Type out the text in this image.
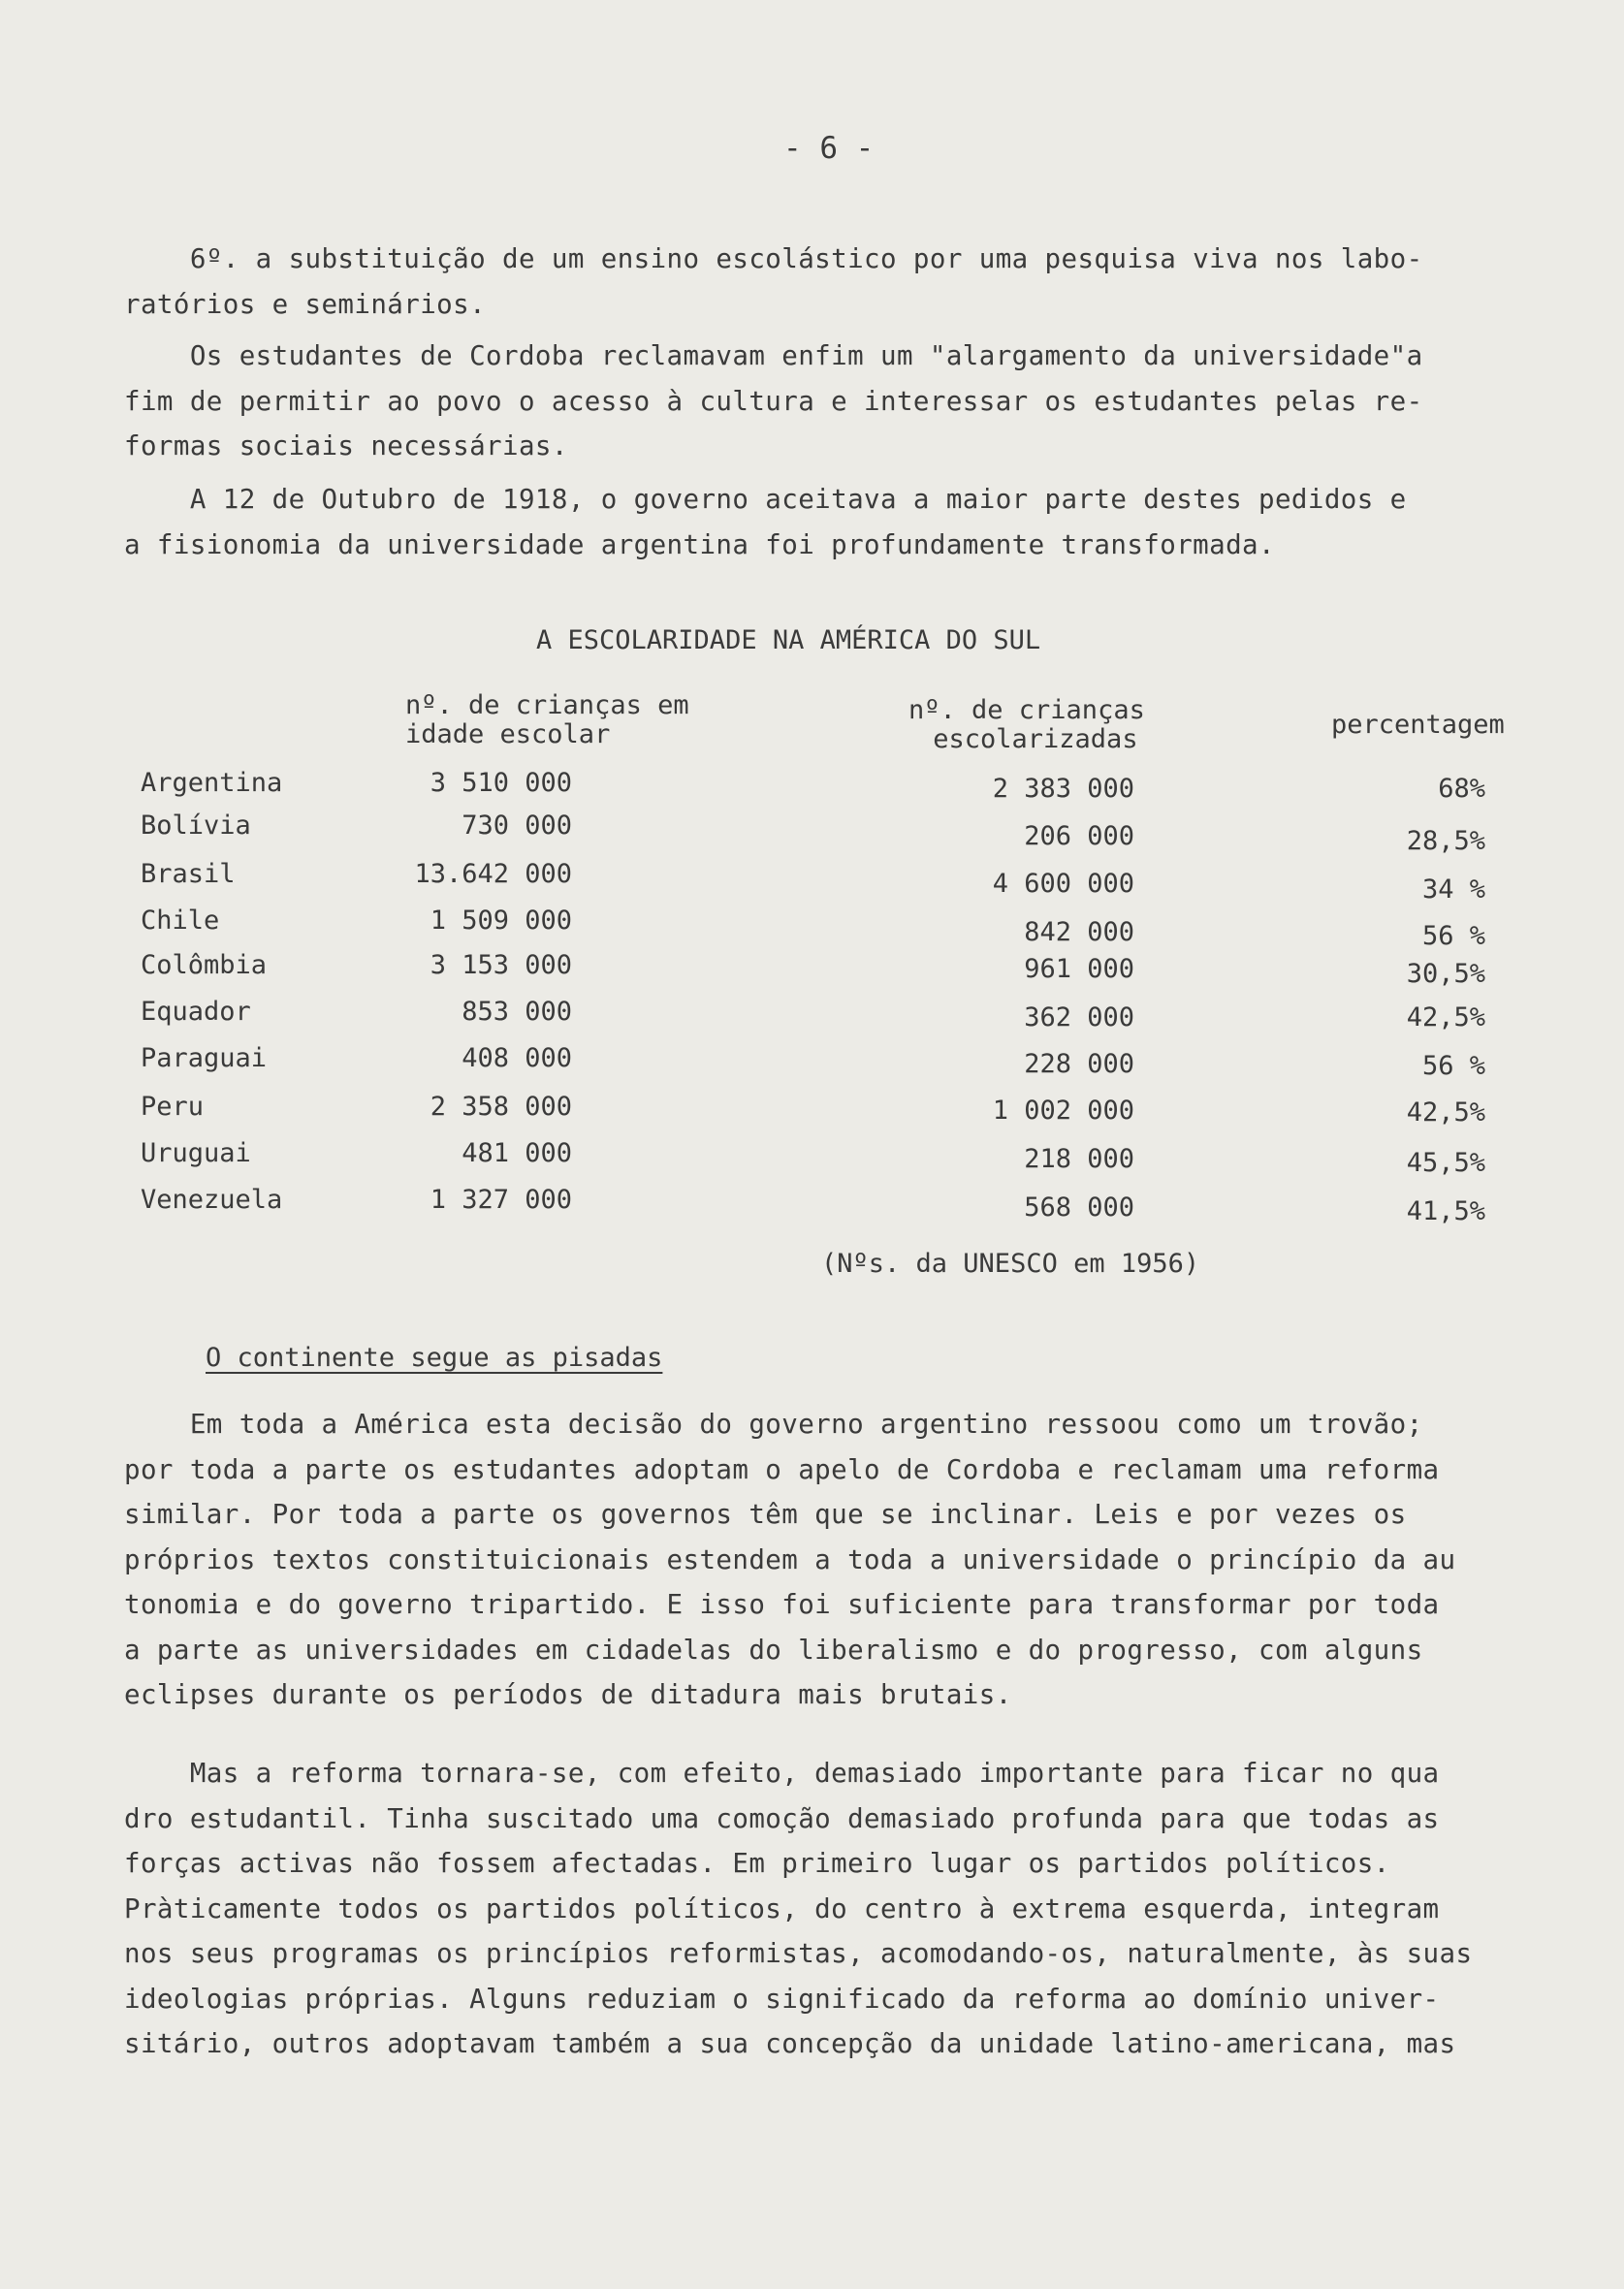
- 6 -
6º. a substituição de um ensino escolástico por uma pesquisa viva nos labo-
ratórios e seminários.
Os estudantes de Cordoba reclamavam enfim um "alargamento da universidade"a
fim de permitir ao povo o acesso à cultura e interessar os estudantes pelas re-
formas sociais necessárias.
A 12 de Outubro de 1918, o governo aceitava a maior parte destes pedidos e
a fisionomia da universidade argentina foi profundamente transformada.
A ESCOLARIDADE NA AMÉRICA DO SUL
nº. de crianças em
idade escolar
nº. de crianças
escolarizadas	percentagem
Argentina	3 510 000	2 383 000	68%
Bolívia	730 000	206 000	28,5%
Brasil	13.642 000	4 600 000	34 %
Chile	1 509 000	842 000	56 %
Colômbia	3 153 000	961 000	30,5%
Equador	853 000	362 000	42,5%
Paraguai	408 000	228 000	56 %
Peru	2 358 000	1 002 000	42,5%
Uruguai	481 000	218 000	45,5%
Venezuela	1 327 000	568 000	41,5%
(Nºs. da UNESCO em 1956)
O continente segue as pisadas
Em toda a América esta decisão do governo argentino ressoou como um trovão;
por toda a parte os estudantes adoptam o apelo de Cordoba e reclamam uma reforma
similar. Por toda a parte os governos têm que se inclinar. Leis e por vezes os
próprios textos constituicionais estendem a toda a universidade o princípio da au
tonomia e do governo tripartido. E isso foi suficiente para transformar por toda
a parte as universidades em cidadelas do liberalismo e do progresso, com alguns
eclipses durante os períodos de ditadura mais brutais.
Mas a reforma tornara-se, com efeito, demasiado importante para ficar no qua
dro estudantil. Tinha suscitado uma comoção demasiado profunda para que todas as
forças activas não fossem afectadas. Em primeiro lugar os partidos políticos.
Pràticamente todos os partidos políticos, do centro à extrema esquerda, integram
nos seus programas os princípios reformistas, acomodando-os, naturalmente, às suas
ideologias próprias. Alguns reduziam o significado da reforma ao domínio univer-
sitário, outros adoptavam também a sua concepção da unidade latino-americana, mas
